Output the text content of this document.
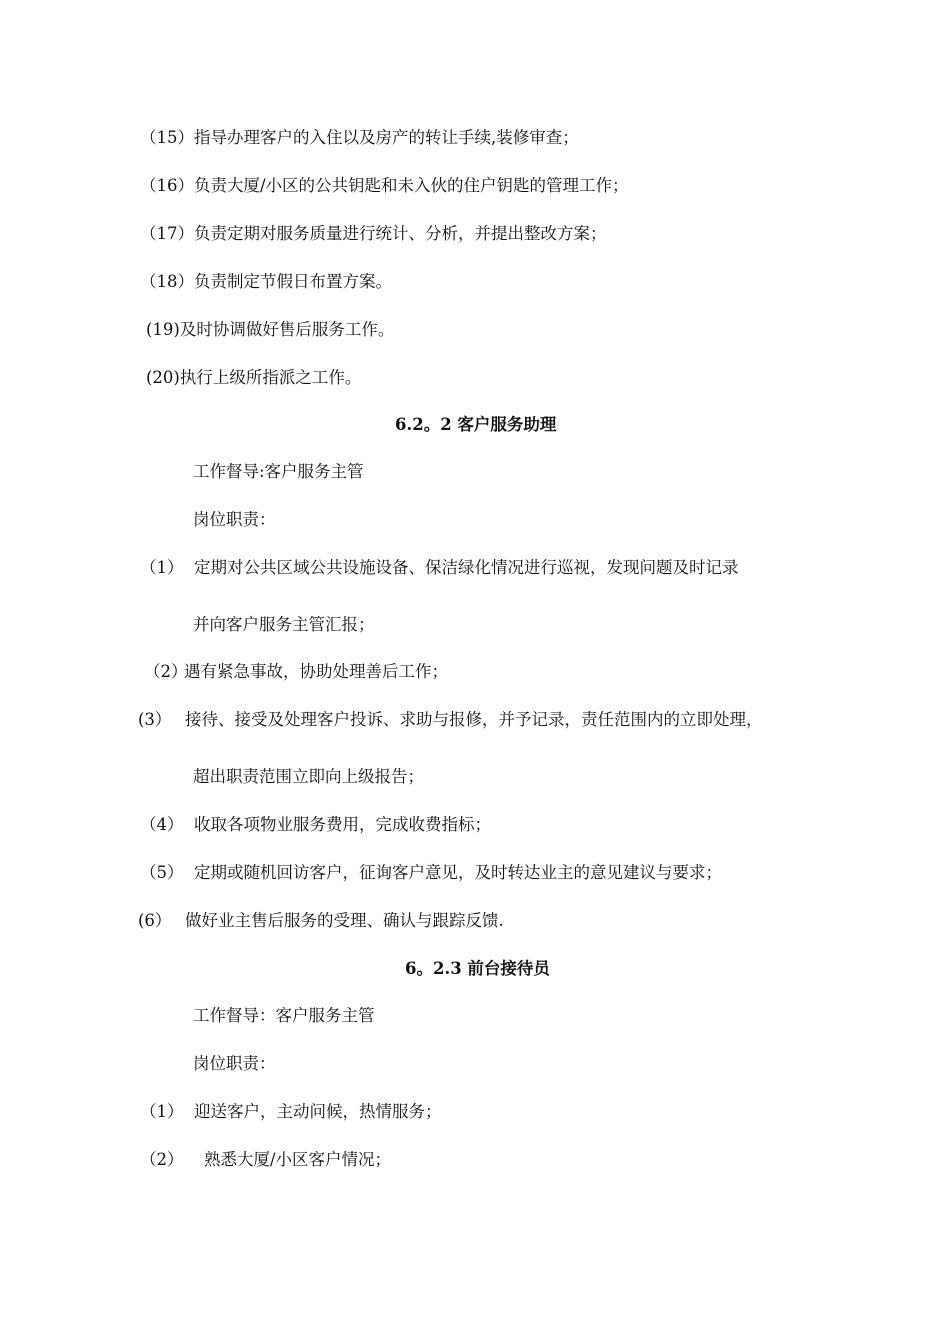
（15）指导办理客户的入住以及房产的转让手续,装修审查；
（16）负责大厦/小区的公共钥匙和未入伙的住户钥匙的管理工作；
（17）负责定期对服务质量进行统计、分析，并提出整改方案；
（18）负责制定节假日布置方案。
(19)及时协调做好售后服务工作。
(20)执行上级所指派之工作。
6.2。2 客户服务助理
工作督导:客户服务主管
岗位职责：
（1） 定期对公共区域公共设施设备、保洁绿化情况进行巡视，发现问题及时记录
并向客户服务主管汇报；
（2）遇有紧急事故，协助处理善后工作；
(3） 接待、接受及处理客户投诉、求助与报修，并予记录，责任范围内的立即处理，
超出职责范围立即向上级报告；
（4） 收取各项物业服务费用，完成收费指标；
（5） 定期或随机回访客户，征询客户意见，及时转达业主的意见建议与要求；
(6） 做好业主售后服务的受理、确认与跟踪反馈.
6。2.3 前台接待员
工作督导：客户服务主管
岗位职责：
（1） 迎送客户，主动问候，热情服务；
（2） 熟悉大厦/小区客户情况；
